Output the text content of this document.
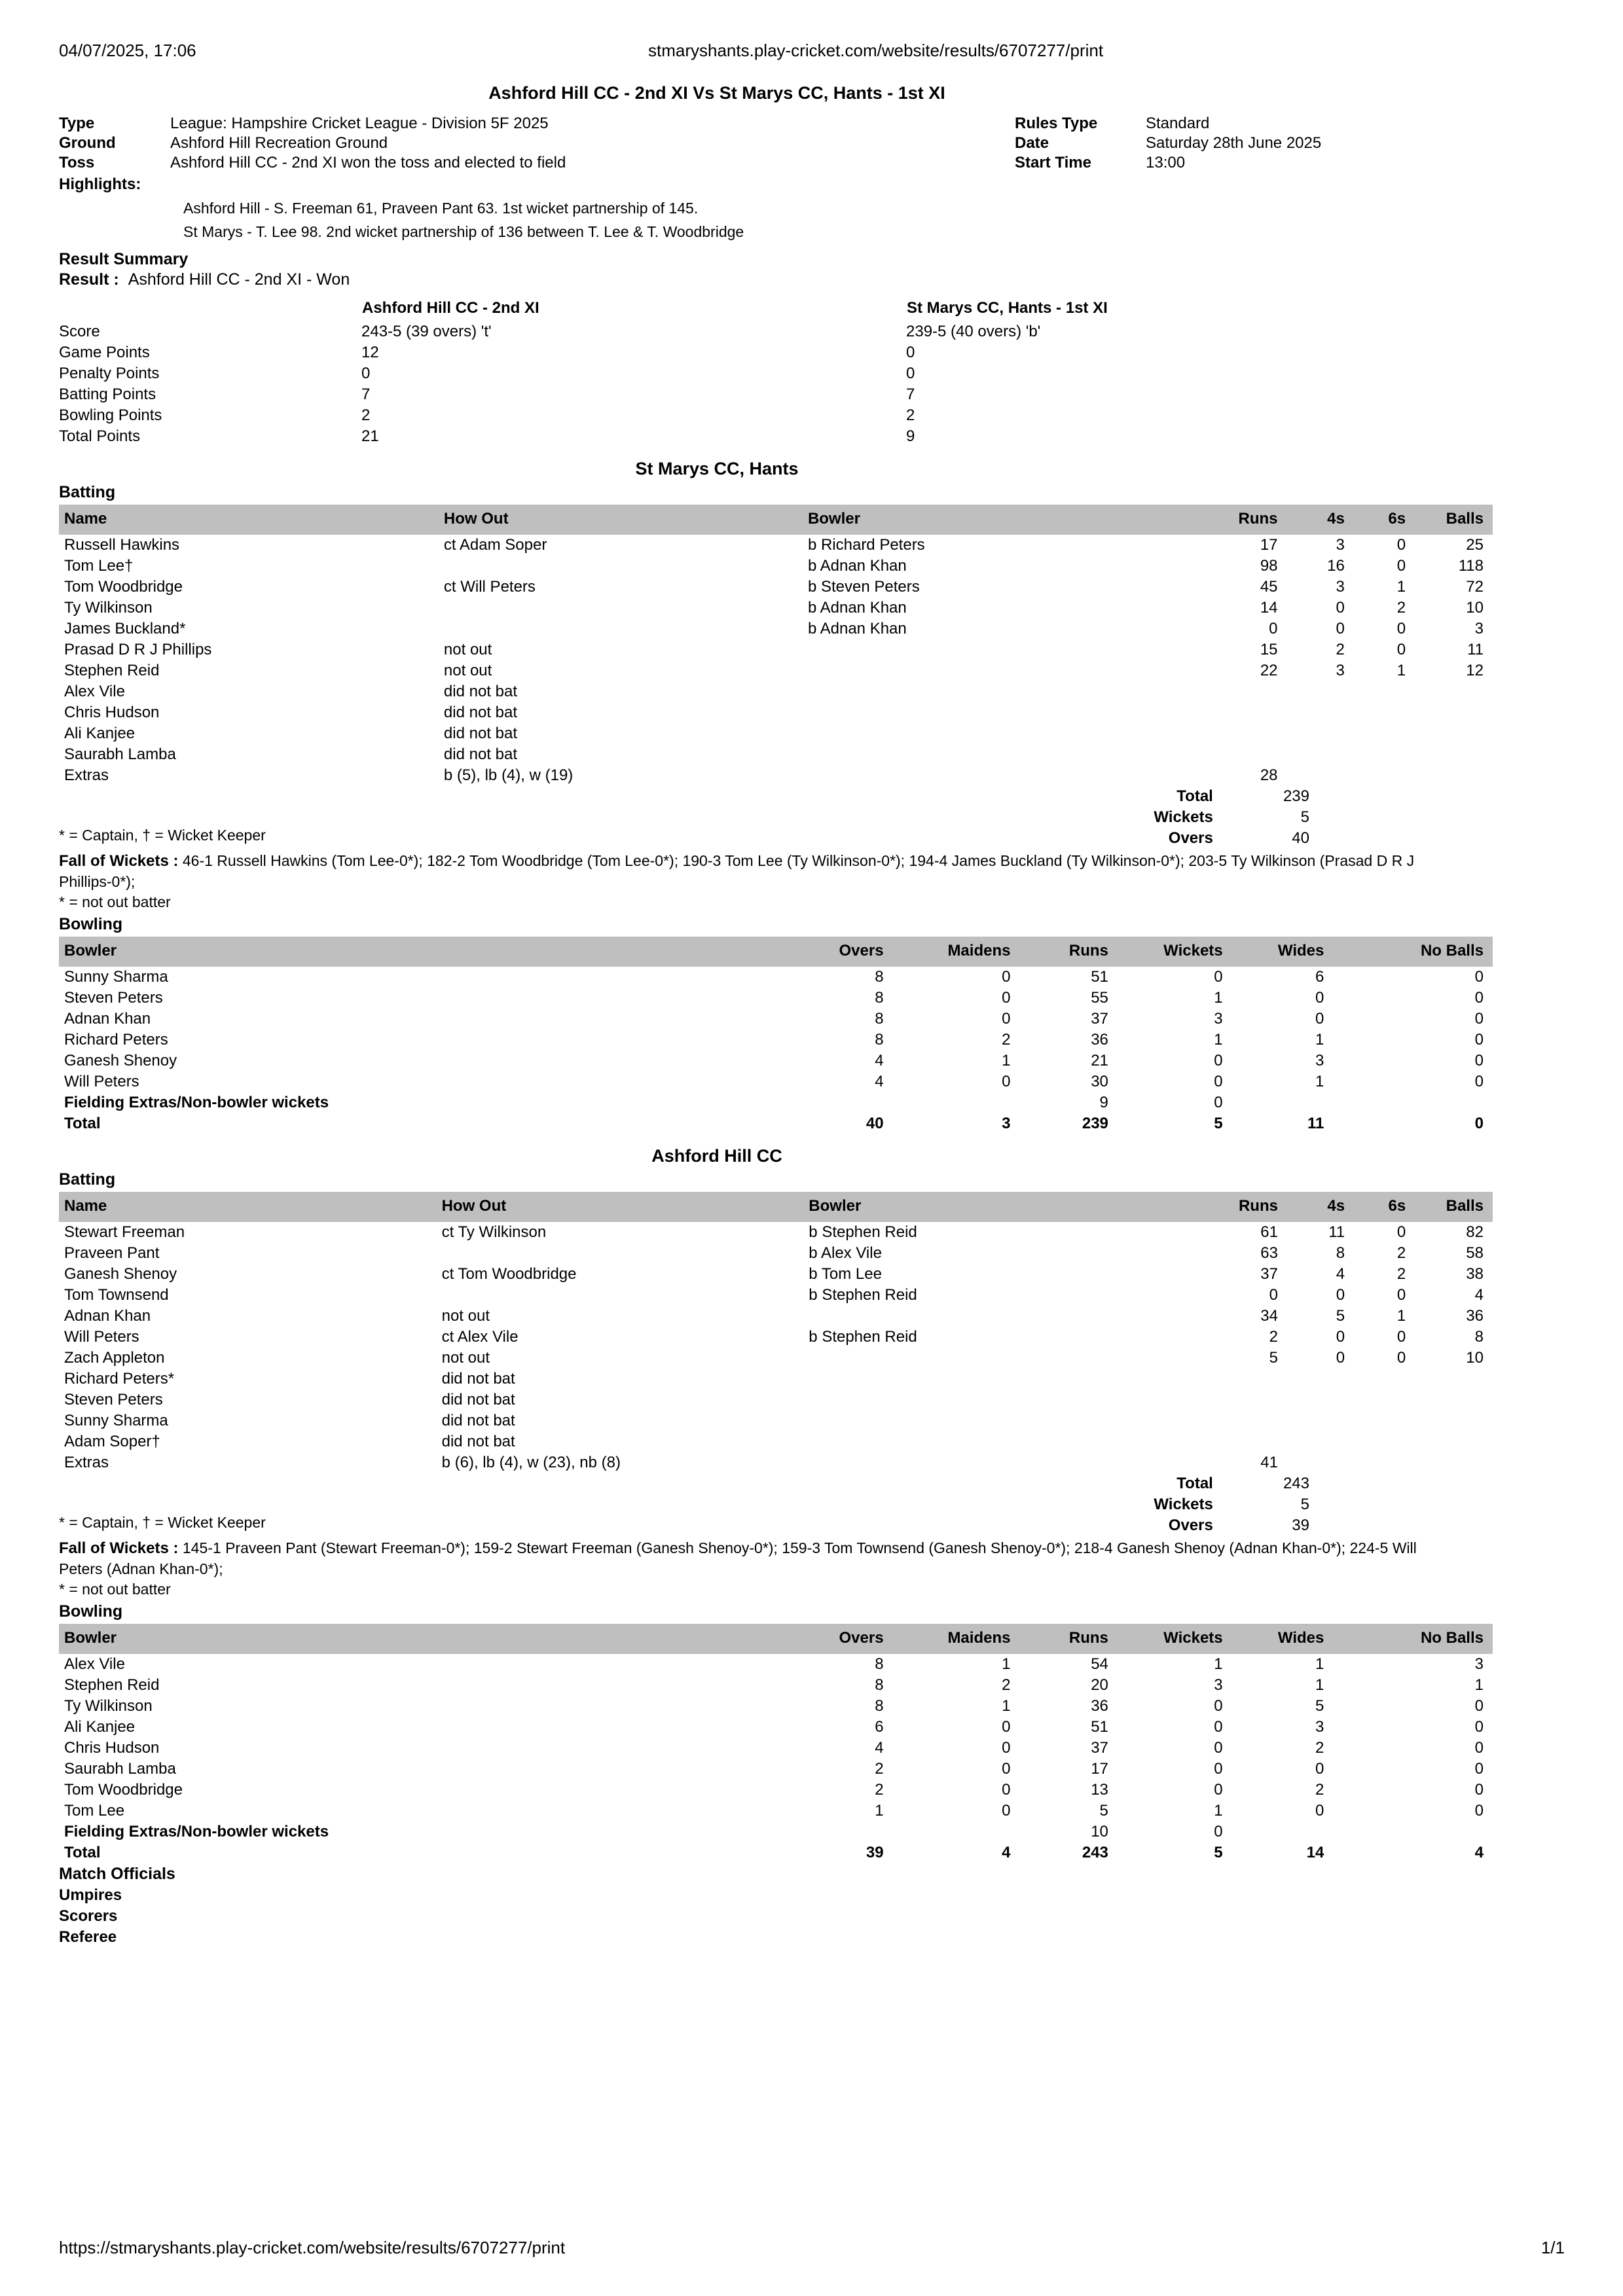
04/07/2025, 17:06	stmaryshants.play-cricket.com/website/results/6707277/print
Ashford Hill CC - 2nd XI Vs St Marys CC, Hants - 1st XI
Type	League: Hampshire Cricket League - Division 5F 2025	Rules Type	Standard
Ground	Ashford Hill Recreation Ground	Date	Saturday 28th June 2025
Toss	Ashford Hill CC - 2nd XI won the toss and elected to field	Start Time	13:00
Highlights:
Ashford Hill - S. Freeman 61, Praveen Pant 63. 1st wicket partnership of 145.
St Marys - T. Lee 98. 2nd wicket partnership of 136 between T. Lee & T. Woodbridge
Result Summary
Result : Ashford Hill CC - 2nd XI - Won
	Ashford Hill CC - 2nd XI	St Marys CC, Hants - 1st XI
Score	243-5 (39 overs) 't'	239-5 (40 overs) 'b'
Game Points	12	0
Penalty Points	0	0
Batting Points	7	7
Bowling Points	2	2
Total Points	21	9
St Marys CC, Hants
Batting
Name	How Out	Bowler	Runs	4s	6s	Balls
Russell Hawkins	ct Adam Soper	b Richard Peters	17	3	0	25
Tom Lee†		b Adnan Khan	98	16	0	118
Tom Woodbridge	ct Will Peters	b Steven Peters	45	3	1	72
Ty Wilkinson		b Adnan Khan	14	0	2	10
James Buckland*		b Adnan Khan	0	0	0	3
Prasad D R J Phillips	not out		15	2	0	11
Stephen Reid	not out		22	3	1	12
Alex Vile	did not bat					
Chris Hudson	did not bat					
Ali Kanjee	did not bat					
Saurabh Lamba	did not bat					
Extras	b (5), lb (4), w (19)		28			
Total	239
Wickets	5
Overs	40
* = Captain, † = Wicket Keeper
Fall of Wickets : 46-1 Russell Hawkins (Tom Lee-0*); 182-2 Tom Woodbridge (Tom Lee-0*); 190-3 Tom Lee (Ty Wilkinson-0*); 194-4 James Buckland (Ty Wilkinson-0*); 203-5 Ty Wilkinson (Prasad D R J Phillips-0*);
* = not out batter
Bowling
Bowler	Overs	Maidens	Runs	Wickets	Wides	No Balls
Sunny Sharma	8	0	51	0	6	0
Steven Peters	8	0	55	1	0	0
Adnan Khan	8	0	37	3	0	0
Richard Peters	8	2	36	1	1	0
Ganesh Shenoy	4	1	21	0	3	0
Will Peters	4	0	30	0	1	0
Fielding Extras/Non-bowler wickets			9	0		
Total	40	3	239	5	11	0
Ashford Hill CC
Batting
Name	How Out	Bowler	Runs	4s	6s	Balls
Stewart Freeman	ct Ty Wilkinson	b Stephen Reid	61	11	0	82
Praveen Pant		b Alex Vile	63	8	2	58
Ganesh Shenoy	ct Tom Woodbridge	b Tom Lee	37	4	2	38
Tom Townsend		b Stephen Reid	0	0	0	4
Adnan Khan	not out		34	5	1	36
Will Peters	ct Alex Vile	b Stephen Reid	2	0	0	8
Zach Appleton	not out		5	0	0	10
Richard Peters*	did not bat					
Steven Peters	did not bat					
Sunny Sharma	did not bat					
Adam Soper†	did not bat					
Extras	b (6), lb (4), w (23), nb (8)		41			
Total	243
Wickets	5
Overs	39
* = Captain, † = Wicket Keeper
Fall of Wickets : 145-1 Praveen Pant (Stewart Freeman-0*); 159-2 Stewart Freeman (Ganesh Shenoy-0*); 159-3 Tom Townsend (Ganesh Shenoy-0*); 218-4 Ganesh Shenoy (Adnan Khan-0*); 224-5 Will Peters (Adnan Khan-0*);
* = not out batter
Bowling
Bowler	Overs	Maidens	Runs	Wickets	Wides	No Balls
Alex Vile	8	1	54	1	1	3
Stephen Reid	8	2	20	3	1	1
Ty Wilkinson	8	1	36	0	5	0
Ali Kanjee	6	0	51	0	3	0
Chris Hudson	4	0	37	0	2	0
Saurabh Lamba	2	0	17	0	0	0
Tom Woodbridge	2	0	13	0	2	0
Tom Lee	1	0	5	1	0	0
Fielding Extras/Non-bowler wickets			10	0		
Total	39	4	243	5	14	4
Match Officials
Umpires
Scorers
Referee
https://stmaryshants.play-cricket.com/website/results/6707277/print	1/1
